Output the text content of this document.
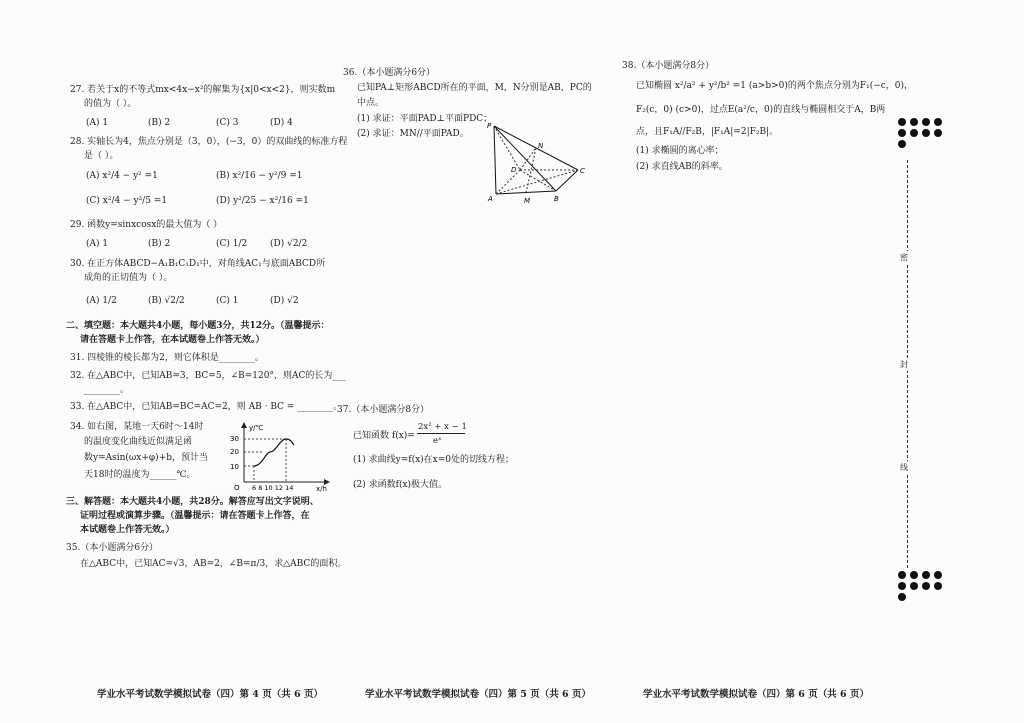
27. 若关于x的不等式mx<4x−x²的解集为{x|0<x<2}，则实数m
的值为（ ）。
(A) 1	(B) 2	(C) 3	(D) 4
28. 实轴长为4，焦点分别是（3，0），(−3，0）的双曲线的标准方程
是（ ）。
(A) x²/4 − y² =1	(B) x²/16 − y²/9 =1
(C) x²/4 − y²/5 =1	(D) y²/25 − x²/16 =1
29. 函数y=sinxcosx的最大值为（ ）
(A) 1	(B) 2	(C) 1/2	(D) √2/2
30. 在正方体ABCD−A₁B₁C₁D₁中，对角线AC₁与底面ABCD所
成角的正切值为（ ）。
(A) 1/2	(B) √2/2	(C) 1	(D) √2
二、填空题：本大题共4小题，每小题3分，共12分。（温馨提示：
请在答题卡上作答，在本试题卷上作答无效。）
31. 四棱锥的棱长都为2，则它体积是________。
32. 在△ABC中，已知AB=3，BC=5，∠B=120°，则AC的长为___
________。
33. 在△ABC中，已知AB=BC=AC=2，则 AB · BC = ________。
34. 如右图，某地一天6时～14时
的温度变化曲线近似满足函
数y=Asin(ωx+φ)+b，预计当
天18时的温度为______℃。
y/℃
x/h
30
20
10
O 6 8 10 12 14
三、解答题：本大题共4小题，共28分。解答应写出文字说明、
证明过程或演算步骤。（温馨提示：请在答题卡上作答，在
本试题卷上作答无效。）
35.（本小题满分6分）
在△ABC中，已知AC=√3，AB=2，∠B=π/3，求△ABC的面积。
学业水平考试数学模拟试卷（四）第 4 页（共 6 页）
36.（本小题满分6分）
已知PA⊥矩形ABCD所在的平面，M，N分别是AB，PC的
中点。
(1) 求证：平面PAD⊥平面PDC；
(2) 求证：MN//平面PAD。
P
N
D	C
A	M	B
37.（本小题满分8分）
已知函数 f(x)=
2x² + x − 1
eˣ
(1) 求曲线y=f(x)在x=0处的切线方程；
(2) 求函数f(x)极大值。
学业水平考试数学模拟试卷（四）第 5 页（共 6 页）
38.（本小题满分8分）
已知椭圆 x²/a² + y²/b² =1 (a>b>0)的两个焦点分别为F₁(−c，0)，
F₂(c，0) (c>0)，过点E(a²/c，0)的直线与椭圆相交于A，B两
点，且F₁A//F₂B，|F₁A|=2|F₂B|。
(1) 求椭圆的离心率；
(2) 求直线AB的斜率。
密
封
线
学业水平考试数学模拟试卷（四）第 6 页（共 6 页）
